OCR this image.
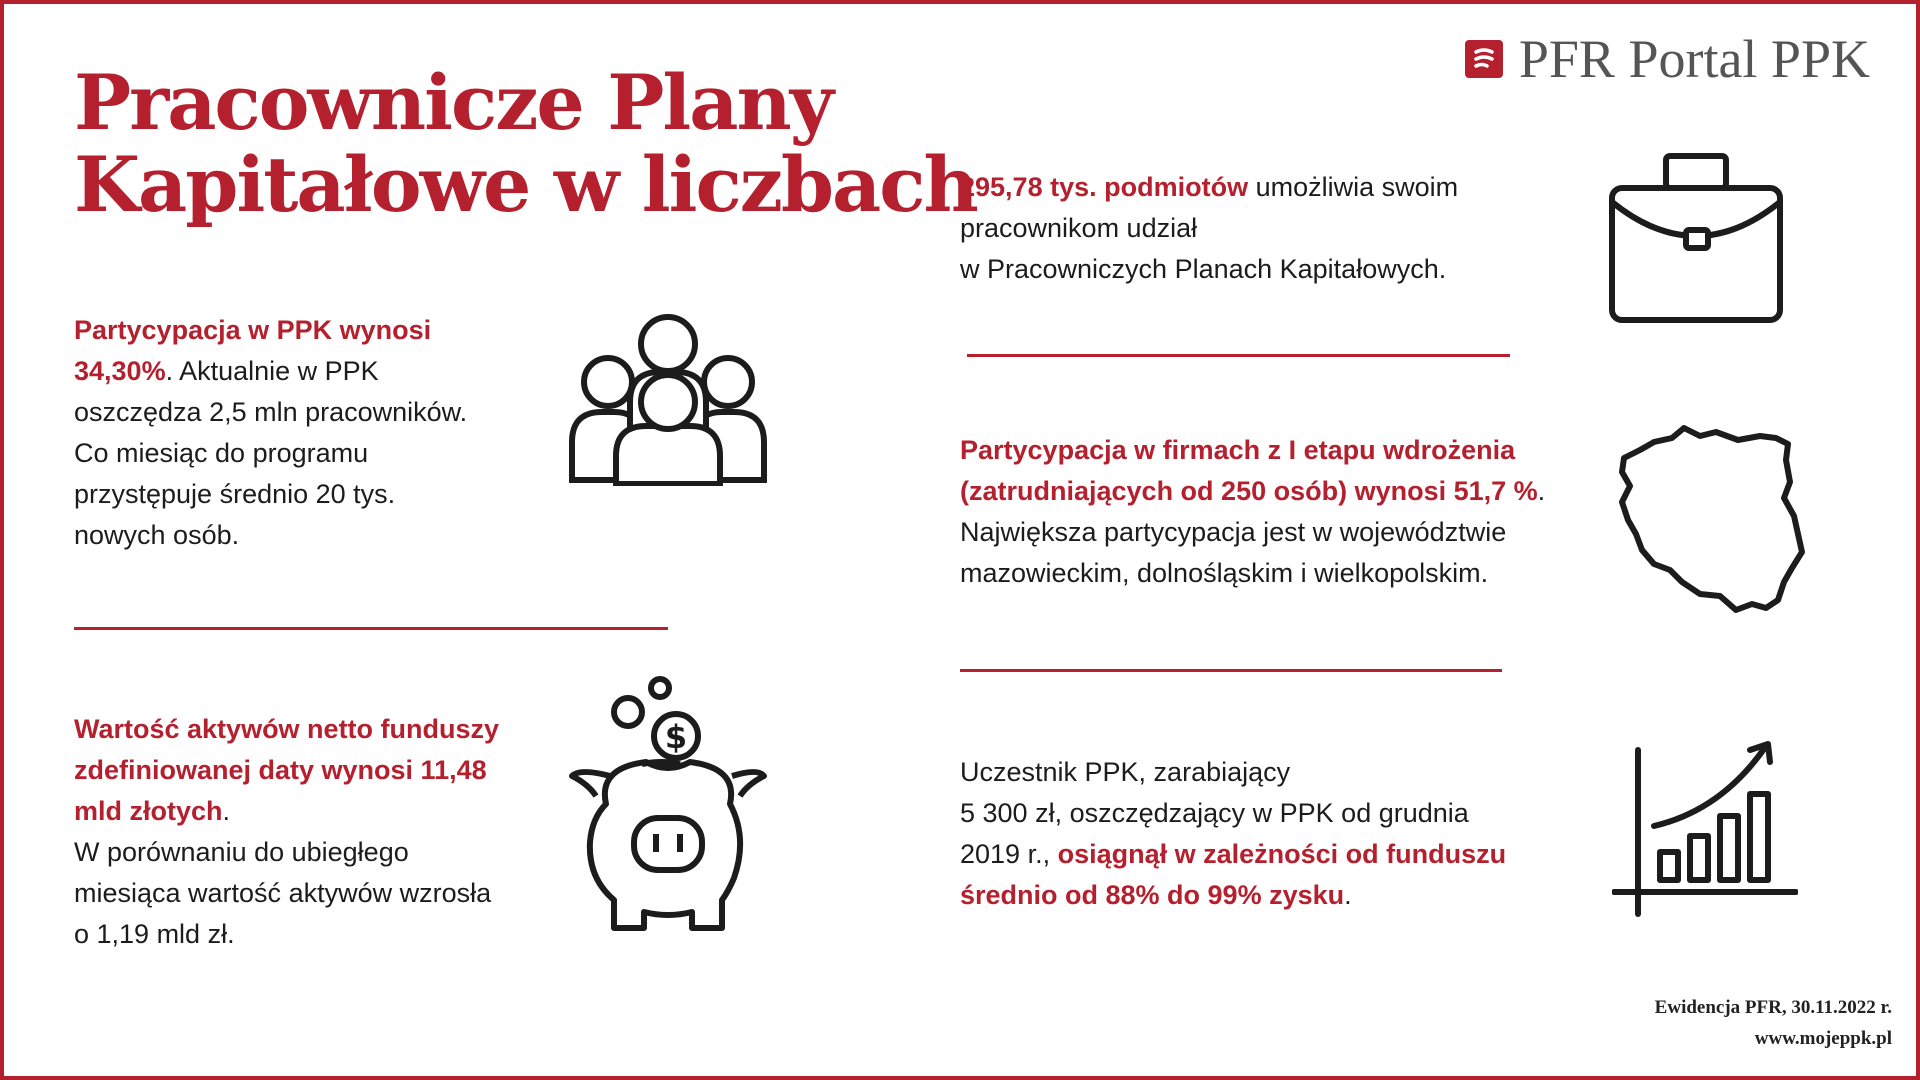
PFR Portal PPK
Pracownicze Plany
Kapitałowe w liczbach
Partycypacja w PPK wynosi
34,30%. Aktualnie w PPK
oszczędza 2,5 mln pracowników.
Co miesiąc do programu
przystępuje średnio 20 tys.
nowych osób.
Wartość aktywów netto funduszy
zdefiniowanej daty wynosi 11,48
mld złotych.
W porównaniu do ubiegłego
miesiąca wartość aktywów wzrosła
o 1,19 mld zł.
$
295,78 tys. podmiotów umożliwia swoim
pracownikom udział
w Pracowniczych Planach Kapitałowych.
Partycypacja w firmach z I etapu wdrożenia
(zatrudniających od 250 osób) wynosi 51,7 %.
Największa partycypacja jest w województwie
mazowieckim, dolnośląskim i wielkopolskim.
Uczestnik PPK, zarabiający
5 300 zł, oszczędzający w PPK od grudnia
2019 r., osiągnął w zależności od funduszu
średnio od 88% do 99% zysku.
Ewidencja PFR, 30.11.2022 r.
www.mojeppk.pl
